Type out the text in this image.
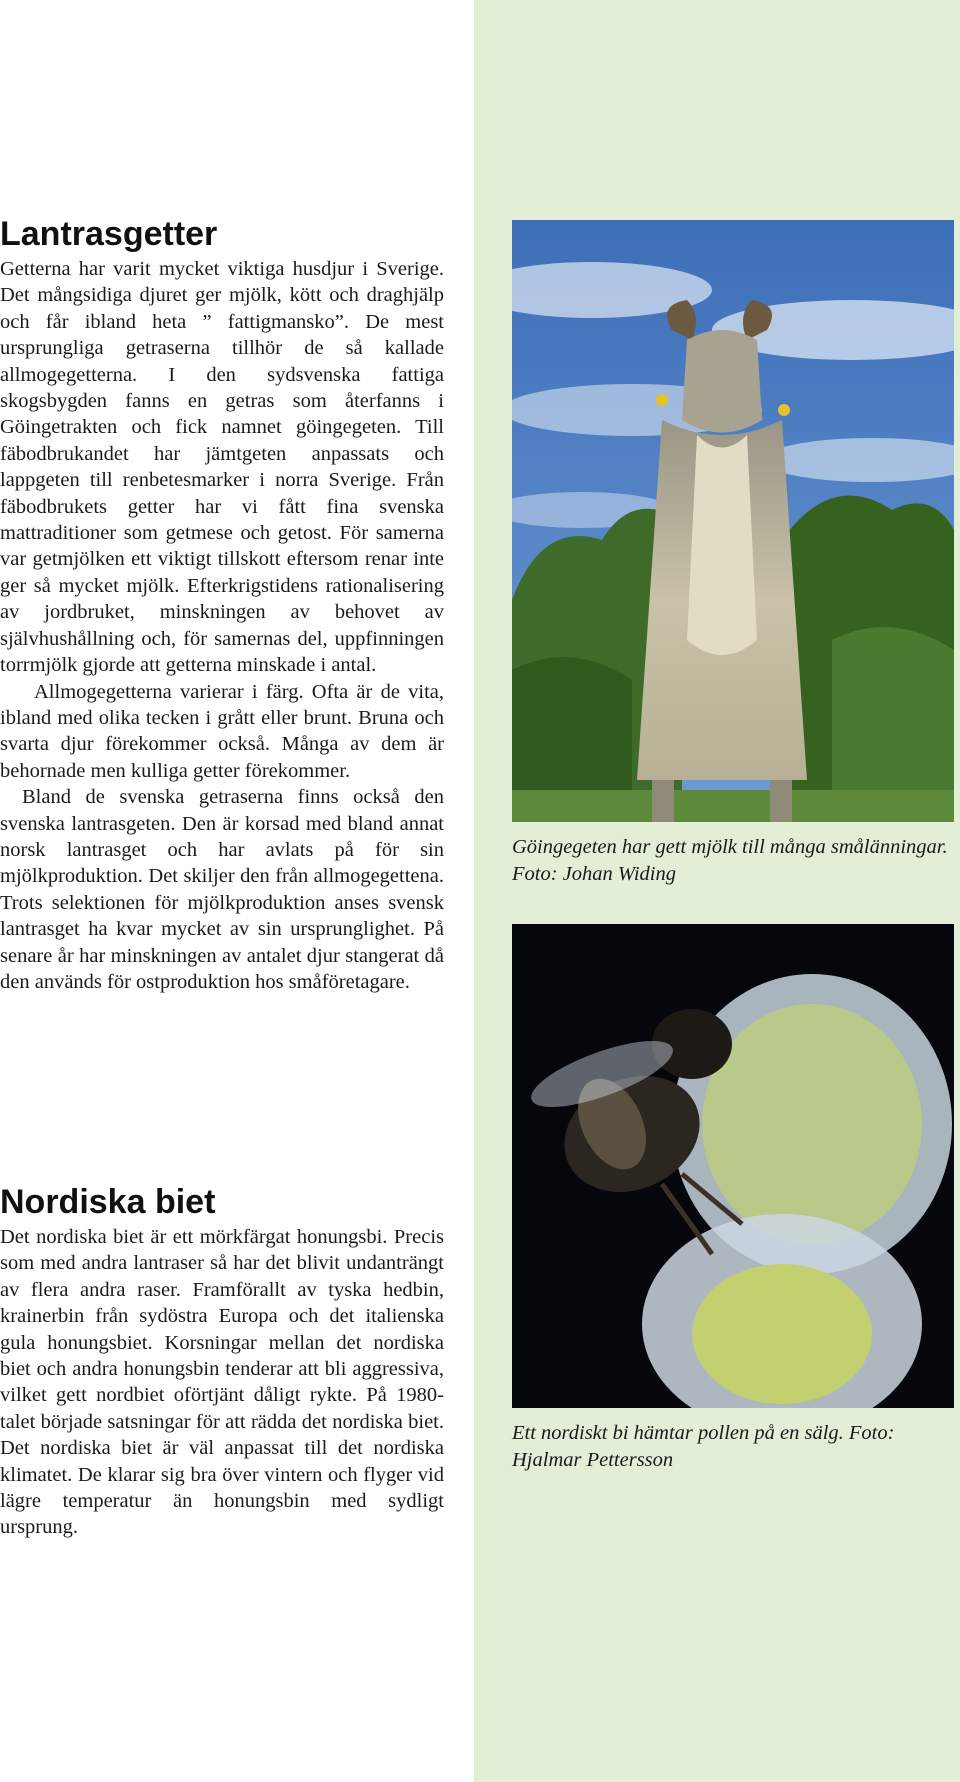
Lantrasgetter

Getterna har varit mycket viktiga husdjur i Sverige. Det mångsidiga djuret ger mjölk, kött och draghjälp och får ibland heta ” fattigmansko”. De mest ursprungliga getraserna tillhör de så kallade allmogegetterna. I den sydsvenska fattiga skogsbygden fanns en getras som återfanns i Göingetrakten och fick namnet göingegeten. Till fäbodbrukandet har jämtgeten anpassats och lappgeten till renbetesmarker i norra Sverige. Från fäbodbrukets getter har vi fått fina svenska mattraditioner som getmese och getost. För samerna var getmjölken ett viktigt tillskott eftersom renar inte ger så mycket mjölk. Efterkrigstidens rationalisering av jordbruket, minskningen av behovet av självhushållning och, för samernas del, uppfinningen torrmjölk gjorde att getterna minskade i antal.

Allmogegetterna varierar i färg. Ofta är de vita, ibland med olika tecken i grått eller brunt. Bruna och svarta djur förekommer också. Många av dem är behornade men kulliga getter förekommer.

Bland de svenska getraserna finns också den svenska lantrasgeten. Den är korsad med bland annat norsk lantrasget och har avlats på för sin mjölkproduktion. Det skiljer den från allmogegettena. Trots selektionen för mjölkproduktion anses svensk lantrasget ha kvar mycket av sin ursprunglighet. På senare år har minskningen av antalet djur stangerat då den används för ostproduktion hos småföretagare.

Nordiska biet

Det nordiska biet är ett mörkfärgat honungsbi. Precis som med andra lantraser så har det blivit undanträngt av flera andra raser. Framförallt av tyska hedbin, krainerbin från sydöstra Europa och det italienska gula honungsbiet. Korsningar mellan det nordiska biet och andra honungsbin tenderar att bli aggressiva, vilket gett nordbiet oförtjänt dåligt rykte. På 1980-talet började satsningar för att rädda det nordiska biet. Det nordiska biet är väl anpassat till det nordiska klimatet. De klarar sig bra över vintern och flyger vid lägre temperatur än honungsbin med sydligt ursprung.

Göingegeten har gett mjölk till många smålänningar. Foto: Johan Widing

Ett nordiskt bi hämtar pollen på en sälg. Foto: Hjalmar Pettersson
